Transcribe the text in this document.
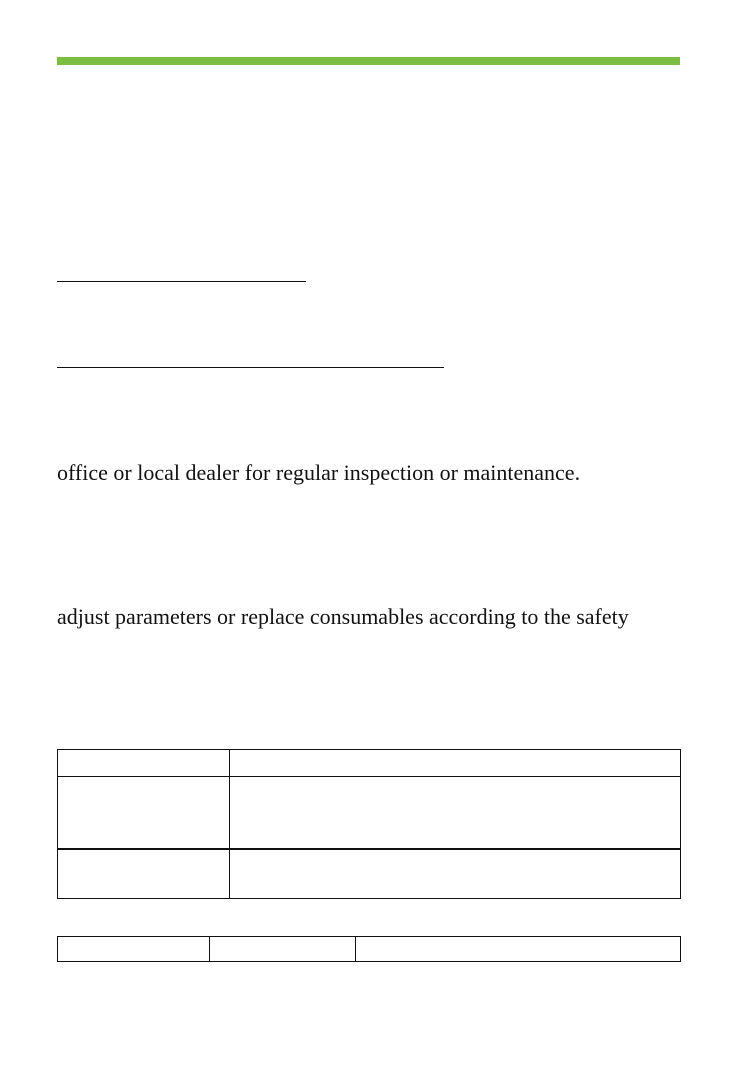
office or local dealer for regular inspection or maintenance.
adjust parameters or replace consumables according to the safety
